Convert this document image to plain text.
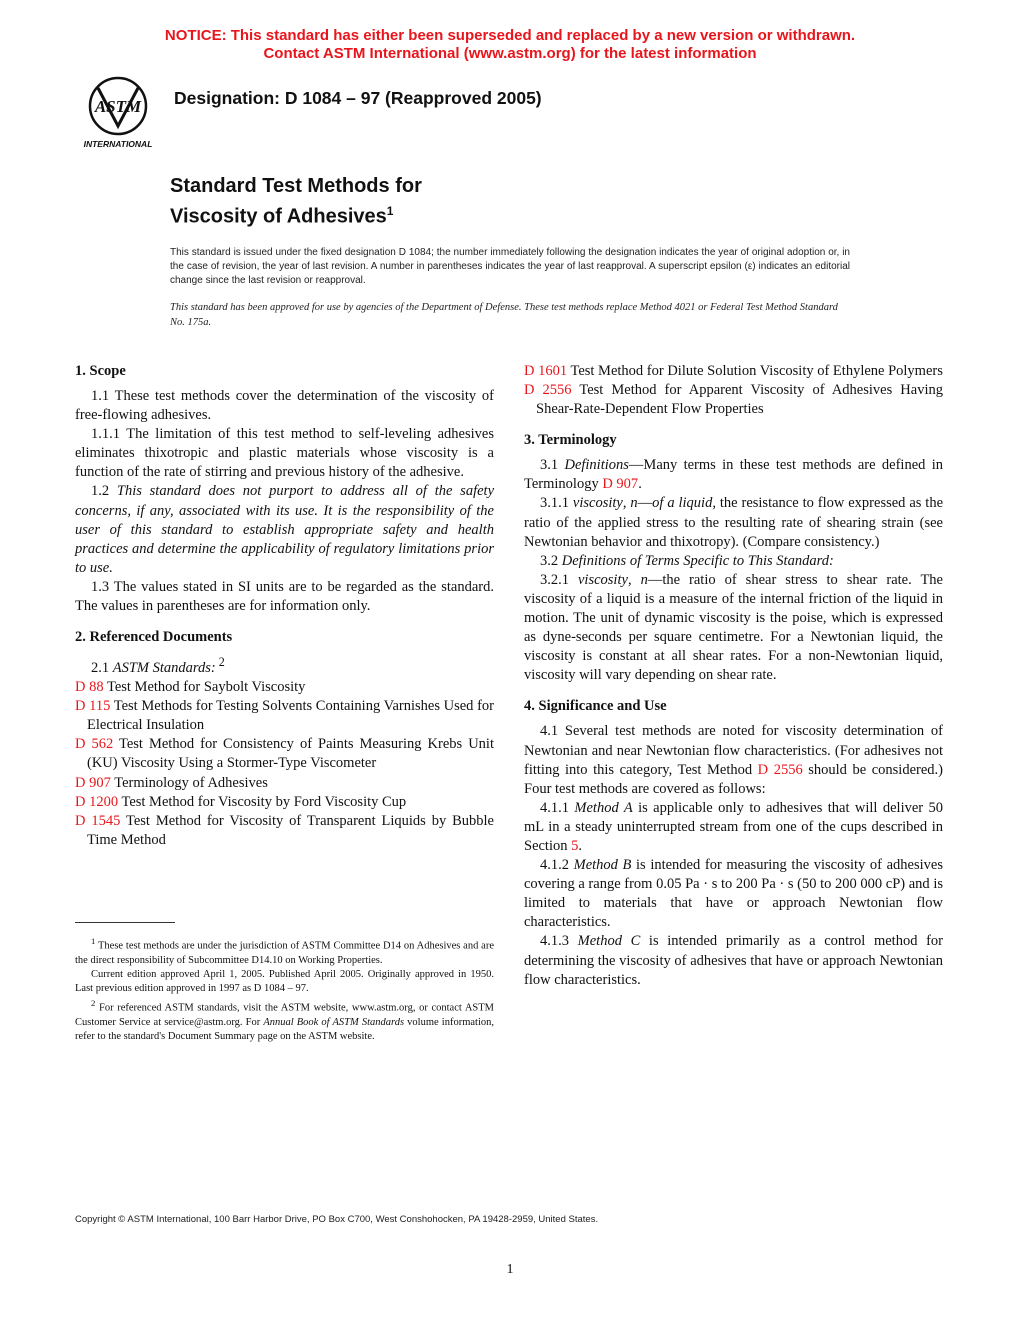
NOTICE: This standard has either been superseded and replaced by a new version or withdrawn.
Contact ASTM International (www.astm.org) for the latest information
ASTM
INTERNATIONAL
Designation: D 1084 – 97 (Reapproved 2005)
Standard Test Methods for
Viscosity of Adhesives$^1$
This standard is issued under the fixed designation D 1084; the number immediately following the designation indicates the year of original adoption or, in the case of revision, the year of last revision. A number in parentheses indicates the year of last reapproval. A superscript epsilon (ε) indicates an editorial change since the last revision or reapproval.
This standard has been approved for use by agencies of the Department of Defense. These test methods replace Method 4021 or Federal Test Method Standard No. 175a.
1. Scope

1.1 These test methods cover the determination of the viscosity of free-flowing adhesives.

1.1.1 The limitation of this test method to self-leveling adhesives eliminates thixotropic and plastic materials whose viscosity is a function of the rate of stirring and previous history of the adhesive.

1.2 This standard does not purport to address all of the safety concerns, if any, associated with its use. It is the responsibility of the user of this standard to establish appropriate safety and health practices and determine the applicability of regulatory limitations prior to use.

1.3 The values stated in SI units are to be regarded as the standard. The values in parentheses are for information only.

2. Referenced Documents

2.1 ASTM Standards: $^2$

D 88 Test Method for Saybolt Viscosity
D 115 Test Methods for Testing Solvents Containing Varnishes Used for Electrical Insulation
D 562 Test Method for Consistency of Paints Measuring Krebs Unit (KU) Viscosity Using a Stormer-Type Viscometer
D 907 Terminology of Adhesives
D 1200 Test Method for Viscosity by Ford Viscosity Cup
D 1545 Test Method for Viscosity of Transparent Liquids by Bubble Time Method
D 1601 Test Method for Dilute Solution Viscosity of Ethylene Polymers
D 2556 Test Method for Apparent Viscosity of Adhesives Having Shear-Rate-Dependent Flow Properties
3. Terminology

3.1 Definitions—Many terms in these test methods are defined in Terminology D 907.

3.1.1 viscosity, n—of a liquid, the resistance to flow expressed as the ratio of the applied stress to the resulting rate of shearing strain (see Newtonian behavior and thixotropy). (Compare consistency.)

3.2 Definitions of Terms Specific to This Standard:

3.2.1 viscosity, n—the ratio of shear stress to shear rate. The viscosity of a liquid is a measure of the internal friction of the liquid in motion. The unit of dynamic viscosity is the poise, which is expressed as dyne-seconds per square centimetre. For a Newtonian liquid, the viscosity is constant at all shear rates. For a non-Newtonian liquid, viscosity will vary depending on shear rate.

4. Significance and Use

4.1 Several test methods are noted for viscosity determination of Newtonian and near Newtonian flow characteristics. (For adhesives not fitting into this category, Test Method D 2556 should be considered.) Four test methods are covered as follows:

4.1.1 Method A is applicable only to adhesives that will deliver 50 mL in a steady uninterrupted stream from one of the cups described in Section 5.

4.1.2 Method B is intended for measuring the viscosity of adhesives covering a range from 0.05 Pa · s to 200 Pa · s (50 to 200 000 cP) and is limited to materials that have or approach Newtonian flow characteristics.

4.1.3 Method C is intended primarily as a control method for determining the viscosity of adhesives that have or approach Newtonian flow characteristics.

$^1$ These test methods are under the jurisdiction of ASTM Committee D14 on Adhesives and are the direct responsibility of Subcommittee D14.10 on Working Properties.

Current edition approved April 1, 2005. Published April 2005. Originally approved in 1950. Last previous edition approved in 1997 as D 1084 – 97.

$^2$ For referenced ASTM standards, visit the ASTM website, www.astm.org, or contact ASTM Customer Service at service@astm.org. For Annual Book of ASTM Standards volume information, refer to the standard's Document Summary page on the ASTM website.

Copyright © ASTM International, 100 Barr Harbor Drive, PO Box C700, West Conshohocken, PA 19428-2959, United States.
1
